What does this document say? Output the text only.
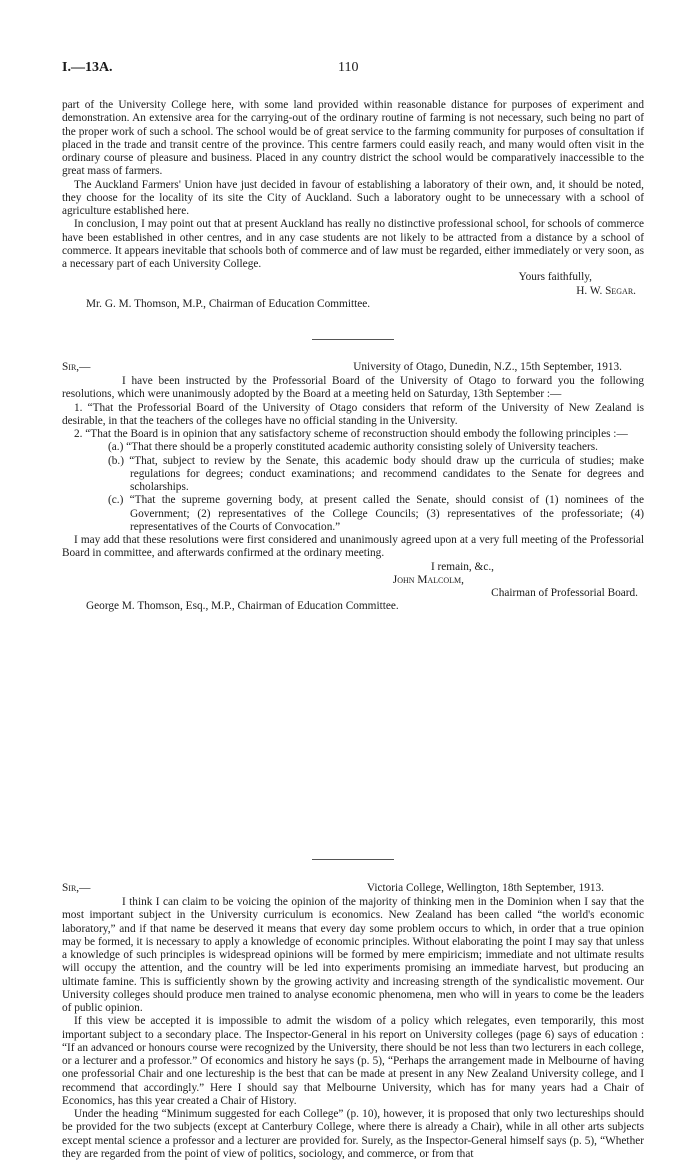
I.—13A.	110

part of the University College here, with some land provided within reasonable distance for purposes of experiment and demonstration. An extensive area for the carrying-out of the ordinary routine of farming is not necessary, such being no part of the proper work of such a school. The school would be of great service to the farming community for purposes of consultation if placed in the trade and transit centre of the province. This centre farmers could easily reach, and many would often visit in the ordinary course of pleasure and business. Placed in any country district the school would be comparatively inaccessible to the great mass of farmers.

The Auckland Farmers' Union have just decided in favour of establishing a laboratory of their own, and, it should be noted, they choose for the locality of its site the City of Auckland. Such a laboratory ought to be unnecessary with a school of agriculture established here.

In conclusion, I may point out that at present Auckland has really no distinctive professional school, for schools of commerce have been established in other centres, and in any case students are not likely to be attracted from a distance by a school of commerce. It appears inevitable that schools both of commerce and of law must be regarded, either immediately or very soon, as a necessary part of each University College.

Yours faithfully,
H. W. Segar.
Mr. G. M. Thomson, M.P., Chairman of Education Committee.
Sir,—	University of Otago, Dunedin, N.Z., 15th September, 1913.

I have been instructed by the Professorial Board of the University of Otago to forward you the following resolutions, which were unanimously adopted by the Board at a meeting held on Saturday, 13th September :—

1. “That the Professorial Board of the University of Otago considers that reform of the University of New Zealand is desirable, in that the teachers of the colleges have no official standing in the University.

2. “That the Board is in opinion that any satisfactory scheme of reconstruction should embody the following principles :—

(a.) “That there should be a properly constituted academic authority consisting solely of University teachers.

(b.) “That, subject to review by the Senate, this academic body should draw up the curricula of studies; make regulations for degrees; conduct examinations; and recommend candidates to the Senate for degrees and scholarships.

(c.) “That the supreme governing body, at present called the Senate, should consist of (1) nominees of the Government; (2) representatives of the College Councils; (3) representatives of the professoriate; (4) representatives of the Courts of Convocation.”

I may add that these resolutions were first considered and unanimously agreed upon at a very full meeting of the Professorial Board in committee, and afterwards confirmed at the ordinary meeting.

I remain, &c.,
John Malcolm,
Chairman of Professorial Board.
George M. Thomson, Esq., M.P., Chairman of Education Committee.
Sir,—	Victoria College, Wellington, 18th September, 1913.

I think I can claim to be voicing the opinion of the majority of thinking men in the Dominion when I say that the most important subject in the University curriculum is economics. New Zealand has been called “the world's economic laboratory,” and if that name be deserved it means that every day some problem occurs to which, in order that a true opinion may be formed, it is necessary to apply a knowledge of economic principles. Without elaborating the point I may say that unless a knowledge of such principles is widespread opinions will be formed by mere empiricism; immediate and not ultimate results will occupy the attention, and the country will be led into experiments promising an immediate harvest, but producing an ultimate famine. This is sufficiently shown by the growing activity and increasing strength of the syndicalistic movement. Our University colleges should produce men trained to analyse economic phenomena, men who will in years to come be the leaders of public opinion.

If this view be accepted it is impossible to admit the wisdom of a policy which relegates, even temporarily, this most important subject to a secondary place. The Inspector-General in his report on University colleges (page 6) says of education : “If an advanced or honours course were recognized by the University, there should be not less than two lecturers in each college, or a lecturer and a professor.” Of economics and history he says (p. 5), “Perhaps the arrangement made in Melbourne of having one professorial Chair and one lectureship is the best that can be made at present in any New Zealand University college, and I recommend that accordingly.” Here I should say that Melbourne University, which has for many years had a Chair of Economics, has this year created a Chair of History.

Under the heading “Minimum suggested for each College” (p. 10), however, it is proposed that only two lectureships should be provided for the two subjects (except at Canterbury College, where there is already a Chair), while in all other arts subjects except mental science a professor and a lecturer are provided for. Surely, as the Inspector-General himself says (p. 5), “Whether they are regarded from the point of view of politics, sociology, and commerce, or from that
